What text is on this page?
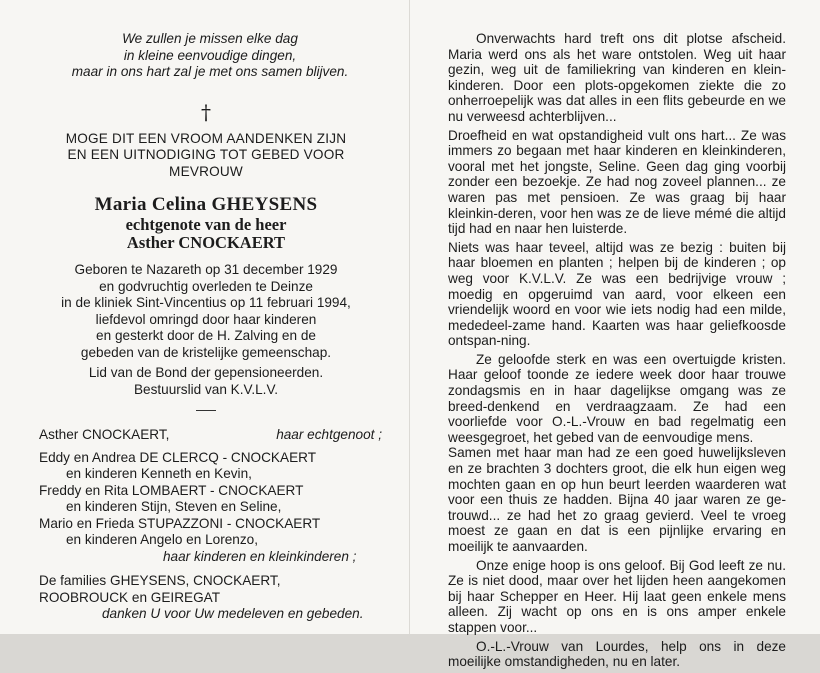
We zullen je missen elke dag
in kleine eenvoudige dingen,
maar in ons hart zal je met ons samen blijven.
†
MOGE DIT EEN VROOM AANDENKEN ZIJN
EN EEN UITNODIGING TOT GEBED VOOR
MEVROUW
Maria Celina GHEYSENS
echtgenote van de heer
Asther CNOCKAERT
Geboren te Nazareth op 31 december 1929
en godvruchtig overleden te Deinze
in de kliniek Sint-Vincentius op 11 februari 1994,
liefdevol omringd door haar kinderen
en gesterkt door de H. Zalving en de
gebeden van de kristelijke gemeenschap.
Lid van de Bond der gepensioneerden.
Bestuurslid van K.V.L.V.
Asther CNOCKAERT,	haar echtgenoot ;
Eddy en Andrea DE CLERCQ - CNOCKAERT
en kinderen Kenneth en Kevin,
Freddy en Rita LOMBAERT - CNOCKAERT
en kinderen Stijn, Steven en Seline,
Mario en Frieda STUPAZZONI - CNOCKAERT
en kinderen Angelo en Lorenzo,
haar kinderen en kleinkinderen ;
De families GHEYSENS, CNOCKAERT,
ROOBROUCK en GEIREGAT
danken U voor Uw medeleven en gebeden.

Onverwachts hard treft ons dit plotse afscheid. Maria werd ons als het ware ontstolen. Weg uit haar gezin, weg uit de familiekring van kinderen en klein-kinderen. Door een plots-opgekomen ziekte die zo onherroepelijk was dat alles in een flits gebeurde en we nu verweesd achterblijven...

Droefheid en wat opstandigheid vult ons hart... Ze was immers zo begaan met haar kinderen en kleinkinderen, vooral met het jongste, Seline. Geen dag ging voorbij zonder een bezoekje. Ze had nog zoveel plannen... ze waren pas met pensioen. Ze was graag bij haar kleinkin-deren, voor hen was ze de lieve mémé die altijd tijd had en naar hen luisterde.

Niets was haar teveel, altijd was ze bezig : buiten bij haar bloemen en planten ; helpen bij de kinderen ; op weg voor K.V.L.V. Ze was een bedrijvige vrouw ; moedig en opgeruimd van aard, voor elkeen een vriendelijk woord en voor wie iets nodig had een milde, mededeel-zame hand. Kaarten was haar geliefkoosde ontspan-ning.

Ze geloofde sterk en was een overtuigde kristen. Haar geloof toonde ze iedere week door haar trouwe zondagsmis en in haar dagelijkse omgang was ze breed-denkend en verdraagzaam. Ze had een voorliefde voor O.-L.-Vrouw en bad regelmatig een weesgegroet, het gebed van de eenvoudige mens.

Samen met haar man had ze een goed huwelijksleven en ze brachten 3 dochters groot, die elk hun eigen weg mochten gaan en op hun beurt leerden waarderen wat voor een thuis ze hadden. Bijna 40 jaar waren ze ge-trouwd... ze had het zo graag gevierd. Veel te vroeg moest ze gaan en dat is een pijnlijke ervaring en moeilijk te aanvaarden.

Onze enige hoop is ons geloof. Bij God leeft ze nu. Ze is niet dood, maar over het lijden heen aangekomen bij haar Schepper en Heer. Hij laat geen enkele mens alleen. Zij wacht op ons en is ons amper enkele stappen voor...

O.-L.-Vrouw van Lourdes, help ons in deze moeilijke omstandigheden, nu en later.
